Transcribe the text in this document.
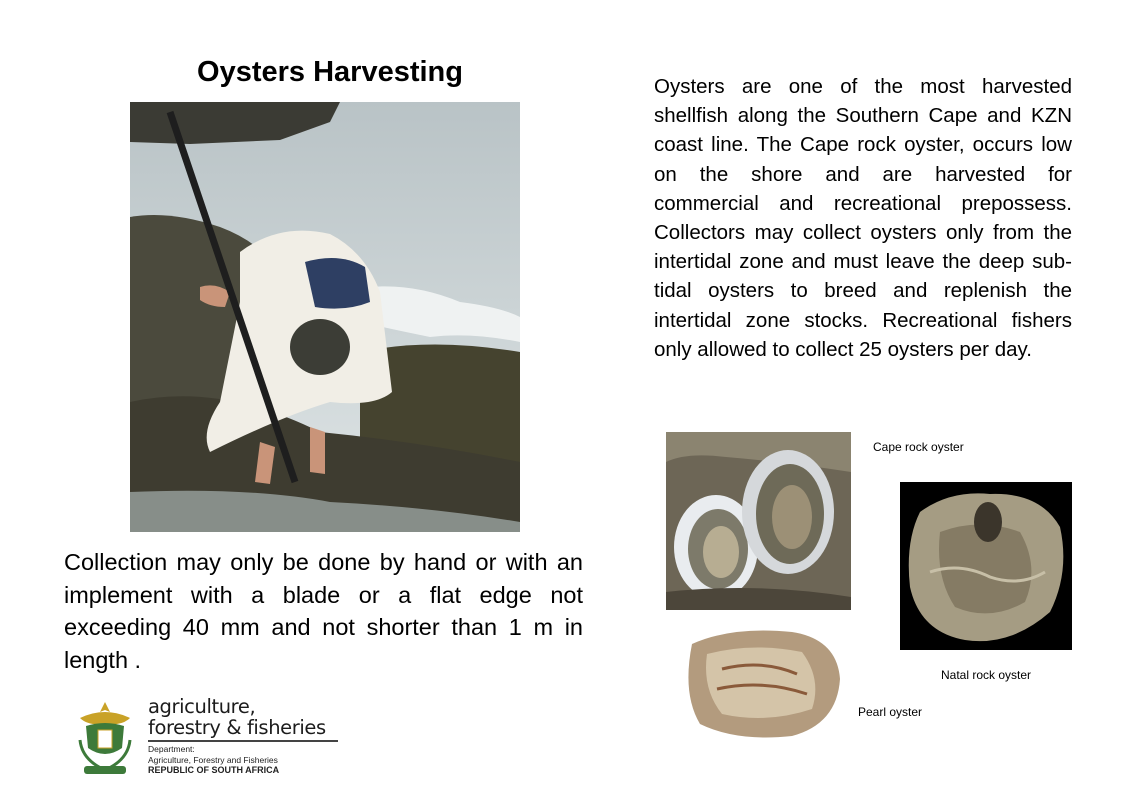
Oysters Harvesting	Oysters are one of the most harvested shellfish along the Southern Cape and KZN coast line. The Cape rock oyster, occurs low on the shore and are harvested for commercial and recreational prepossess. Collectors may collect oysters only from the intertidal zone and must leave the deep sub-tidal oysters to breed and replenish the intertidal zone stocks. Recreational fishers only allowed to collect 25 oysters per day.

Collection may only be done by hand or with an implement with a blade or a flat edge not exceeding 40 mm and not shorter than 1 m in length .

Cape rock oyster

Natal rock oyster

Pearl oyster

agriculture,
forestry & fisheries

Department:
Agriculture, Forestry and Fisheries
REPUBLIC OF SOUTH AFRICA
